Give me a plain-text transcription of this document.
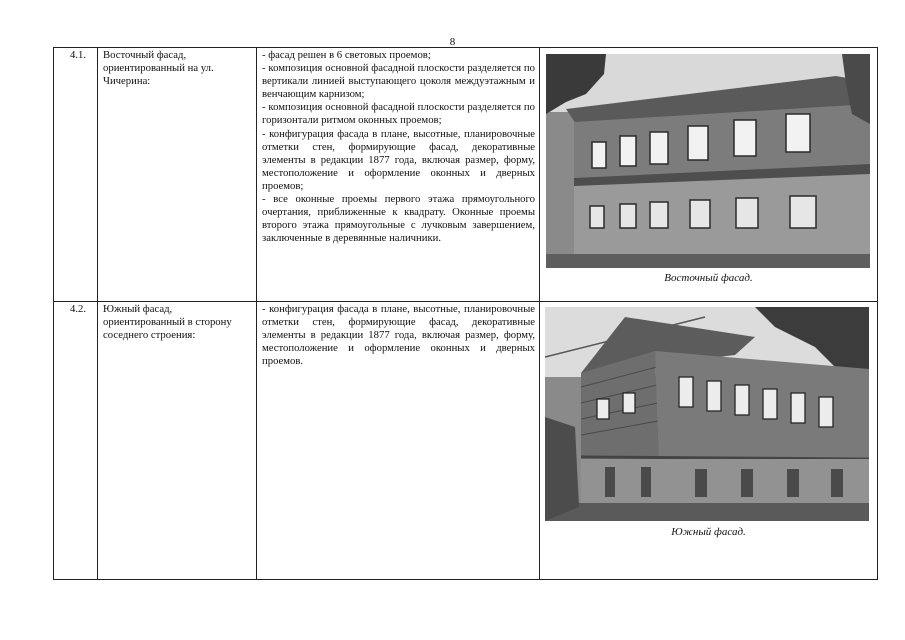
8
4.1.	Восточный фасад, ориентированный на ул. Чичерина:	- фасад решен в 6 световых проемов;
- композиция основной фасадной плоскости разделяется по вертикали линией выступающего цоколя междуэтажным и венчающим карнизом;
- композиция основной фасадной плоскости разделяется по горизонтали ритмом оконных проемов;
- конфигурация фасада в плане, высотные, планировочные отметки стен, формирующие фасад, декоративные элементы в редакции 1877 года, включая размер, форму, местоположение и оформление оконных и дверных проемов;
- все оконные проемы первого этажа прямоугольного очертания, приближенные к квадрату. Оконные проемы второго этажа прямоугольные с лучковым завершением, заключенные в деревянные наличники.	Восточный фасад.

4.2.	Южный фасад, ориентированный в сторону соседнего строения:	- конфигурация фасада в плане, высотные, планировочные отметки стен, формирующие фасад, декоративные элементы в редакции 1877 года, включая размер, форму, местоположение и оформление оконных и дверных проемов.	Южный фасад.
